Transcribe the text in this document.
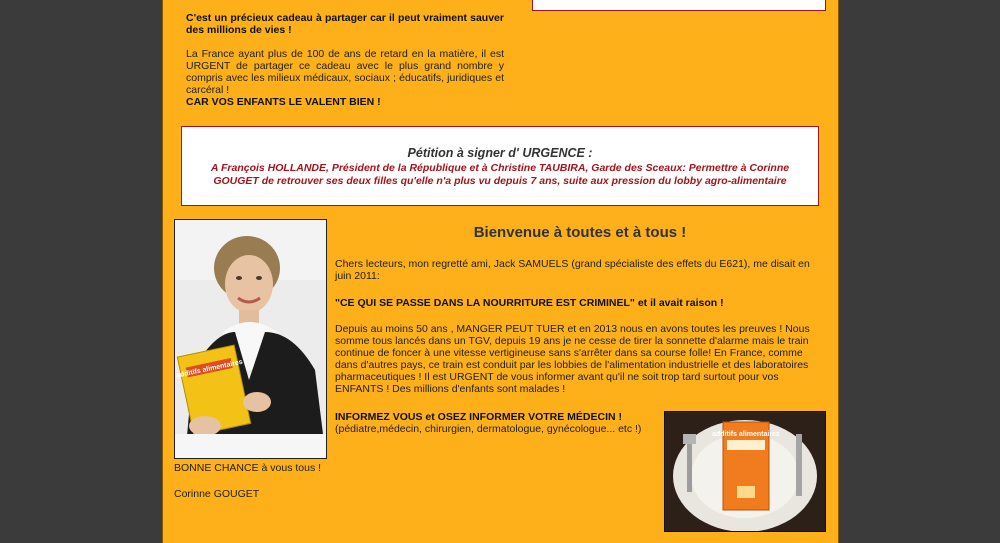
C'est un précieux cadeau à partager car il peut vraiment sauver des millions de vies !
La France ayant plus de 100 de ans de retard en la matière, il est URGENT de partager ce cadeau avec le plus grand nombre y compris avec les milieux médicaux, sociaux ; éducatifs, juridiques et carcéral !
CAR VOS ENFANTS LE VALENT BIEN !
Pétition à signer d' URGENCE :
A François HOLLANDE, Président de la République et à Christine TAUBIRA, Garde des Sceaux: Permettre à Corinne GOUGET de retrouver ses deux filles qu'elle n'a plus vu depuis 7 ans, suite aux pression du lobby agro-alimentaire
additifs alimentaires
BONNE CHANCE à vous tous !
Corinne GOUGET
Bienvenue à toutes et à tous !
Chers lecteurs, mon regretté ami, Jack SAMUELS (grand spécialiste des effets du E621), me disait en juin 2011:
"CE QUI SE PASSE DANS LA NOURRITURE EST CRIMINEL" et il avait raison !
Depuis au moins 50 ans , MANGER PEUT TUER et en 2013 nous en avons toutes les preuves ! Nous somme tous lancés dans un TGV, depuis 19 ans je ne cesse de tirer la sonnette d'alarme mais le train continue de foncer à une vitesse vertigineuse sans s'arrêter dans sa course folle! En France, comme dans d'autres pays, ce train est conduit par les lobbies de l'alimentation industrielle et des laboratoires pharmaceutiques ! Il est URGENT de vous informer avant qu'il ne soit trop tard surtout pour vos ENFANTS ! Des millions d'enfants sont malades !
INFORMEZ VOUS et OSEZ INFORMER VOTRE MÉDECIN !
(pédiatre,médecin, chirurgien, dermatologue, gynécologue... etc !)	additifs alimentaires
